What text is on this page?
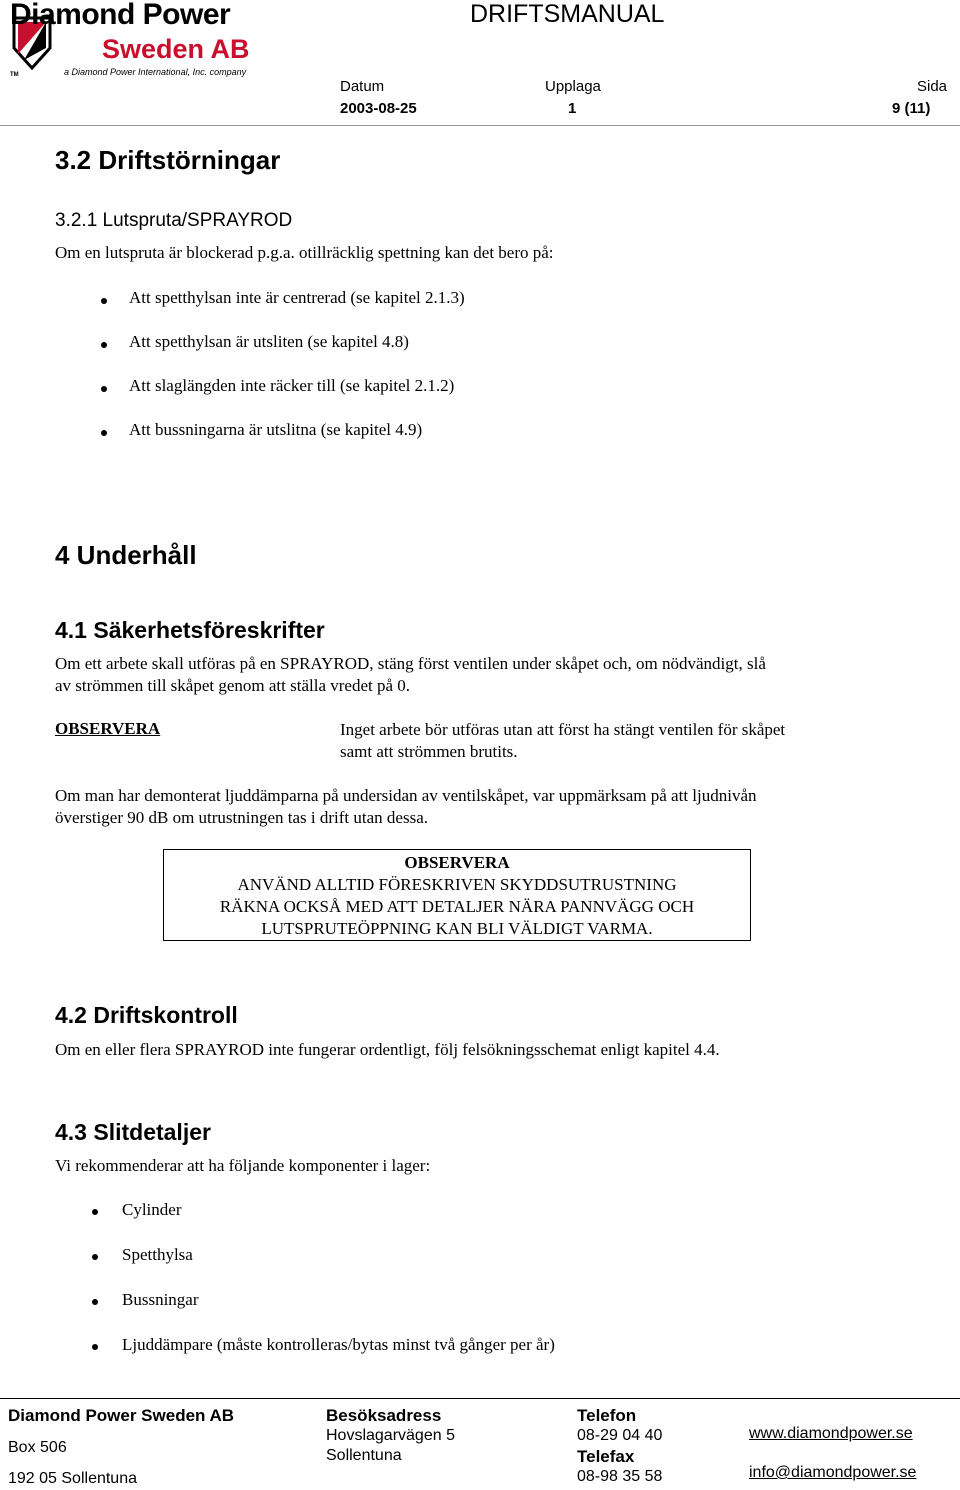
TM
Diamond Power
Sweden AB
a Diamond Power International, Inc. company
DRIFTSMANUAL
Datum	Upplaga	Sida
2003-08-25	1	9 (11)
3.2 Driftstörningar
3.2.1 Lutspruta/SPRAYROD
Om en lutspruta är blockerad p.g.a. otillräcklig spettning kan det bero på:
Att spetthylsan inte är centrerad (se kapitel 2.1.3)
Att spetthylsan är utsliten (se kapitel 4.8)
Att slaglängden inte räcker till (se kapitel 2.1.2)
Att bussningarna är utslitna (se kapitel 4.9)
4 Underhåll
4.1 Säkerhetsföreskrifter
Om ett arbete skall utföras på en SPRAYROD, stäng först ventilen under skåpet och, om nödvändigt, slå
av strömmen till skåpet genom att ställa vredet på 0.
OBSERVERA	Inget arbete bör utföras utan att först ha stängt ventilen för skåpet
samt att strömmen brutits.
Om man har demonterat ljuddämparna på undersidan av ventilskåpet, var uppmärksam på att ljudnivån
överstiger 90 dB om utrustningen tas i drift utan dessa.
OBSERVERA
ANVÄND ALLTID FÖRESKRIVEN SKYDDSUTRUSTNING
RÄKNA OCKSÅ MED ATT DETALJER NÄRA PANNVÄGG OCH
LUTSPRUTEÖPPNING KAN BLI VÄLDIGT VARMA.
4.2 Driftskontroll
Om en eller flera SPRAYROD inte fungerar ordentligt, följ felsökningsschemat enligt kapitel 4.4.
4.3 Slitdetaljer
Vi rekommenderar att ha följande komponenter i lager:
Cylinder
Spetthylsa
Bussningar
Ljuddämpare (måste kontrolleras/bytas minst två gånger per år)
Diamond Power Sweden AB
Box 506
192 05 Sollentuna
Besöksadress
Hovslagarvägen 5
Sollentuna
Telefon
08-29 04 40
Telefax
08-98 35 58
www.diamondpower.se
info@diamondpower.se
